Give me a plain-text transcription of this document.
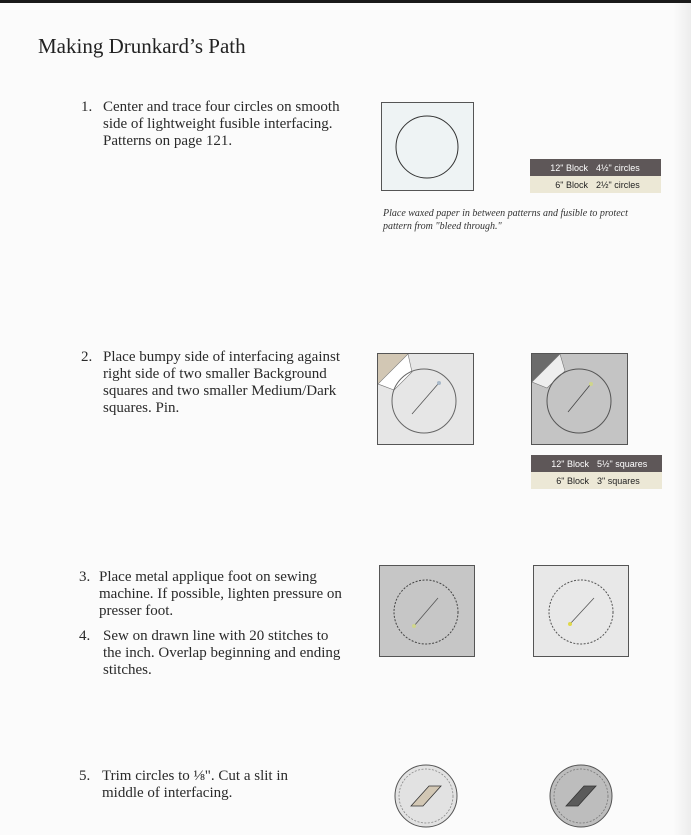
Making Drunkard’s Path
1. Center and trace four circles on smooth
side of lightweight fusible interfacing.
Patterns on page 121.
2. Place bumpy side of interfacing against
right side of two smaller Background
squares and two smaller Medium/Dark
squares. Pin.
3. Place metal applique foot on sewing
machine. If possible, lighten pressure on
presser foot.
4. Sew on drawn line with 20 stitches to
the inch. Overlap beginning and ending
stitches.
5. Trim circles to ⅛". Cut a slit in
middle of interfacing.
12" Block 4½" circles
6" Block 2½" circles
Place waxed paper in between patterns and fusible to protect pattern from "bleed through."
12" Block 5½" squares
6" Block 3" squares
